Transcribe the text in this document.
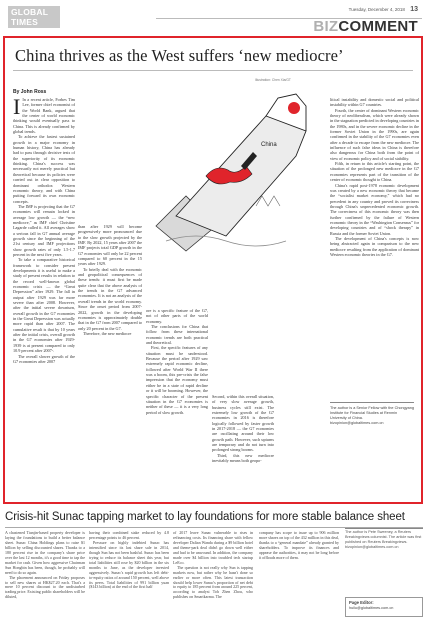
GLOBAL TIMES
Tuesday, December 4, 2018 13
BIZCOMMENT
China thrives as the West suffers ‘new mediocre’
By John Ross

I In a recent article, Forbes Tim Lee, former chief economist of the World Bank, argued that the center of world economic thinking would eventually pass to China. This is already confirmed by global trends.

To achieve the fastest sustained growth in a major economy in human history, China has already had to pass through decisive tests of the superiority of its economic thinking. China's success was necessarily not merely practical but theoretical because its policies were carried out in clear opposition to dominant orthodox Western economic theory, and with China putting forward its own economic concepts.

The IMF is projecting that the G7 economies will remain locked in average low growth — the “new mediocre,” as IMF chief Christine Lagarde called it. All averages show a serious fall in G7 annual average growth since the beginning of the 21st century and IMF projections show growth rates of only 1.5-1.7 percent in the next five years.

To take a comparative historical framework to consider present developments it is useful to make a study of present results in relation to the record well-known global economic crisis — the “Great Depression” after 1929. The fall in output after 1929 was far more severe than after 2008. However, after the initial severe downturn, overall growth in the G7 economies in the Great Depression was actually more rapid than after 2007. The cumulative result is that by 10 years after the initial crisis, overall growth in the G7 economies after 1929-1939 is at present compared to only 10.9 percent after 2007-.

The overall slower growth of the G7 economies after 2007

China
Illustration: Chen Xia/GT

than after 1929 will become progressively more pronounced due to the slow growth projected by the IMF. By 2022, 15 years after 2007 the IMF projects total GDP growth in the G7 economies will only be 22 percent compared to 60 percent in the 15 years after 1929.

To briefly deal with the economic and geopolitical consequences of these trends: it must first be made quite clear that the above analysis of the trends in the G7 advanced economies. It is not an analysis of the overall trends in the world economy. Since the onset period from 2007-2022, growth in the developing economies is approximately double that in the G7 from 2007 compared to only 20 percent in the G7.

Therefore, the new mediocre

ore is a specific feature of the G7, not of other parts of the world economy.

The conclusions for China that follow from these international economic trends are both practical and theoretical.

First, the specific features of any situation must be understood. Because the period after 1929 saw extremely rapid economic decline, followed after World War II there was a boom, this pre-crisis the false impression that the economy must either be in a state of rapid decline or it will be booming. However, the specific character of the present situation in the G7 economies is neither of these — it is a very long period of slow growth.

Second, within this overall situation, of very slow average growth, business cycles still exist. The extremely low growth of the G7 economies in 2016 is therefore logically followed by faster growth in 2017-2018 — the G7 economies are oscillating around their low growth path. However, such upturns are temporary and do not turn into prolonged strong booms.

Third, this new mediocre inevitably means both geopo-

litical instability and domestic social and political instability within G7 countries.

Fourth, the center of dominant Western economic theory of neoliberalism, which were already shown in the stagnation predicted in developing countries in the 1980s, and in the severe economic decline in the former Soviet Union in the 1990s, are again confirmed in the stability of the G7 economies even after a decade to escape from the new mediocre. The influence of such false ideas in China is therefore also dangerous for China both from the point of view of economic policy and of social stability.

Fifth, in return to this article's starting point, the situation of the prolonged new mediocre in the G7 economies represents part of the transition of the center of economic thought to China.

China's rapid post-1978 economic development was created by a new economic theory that became the “socialist market economy,” which had no precedent in any country and proved its correctness through China's unprecedented economic growth. The correctness of this economic theory was then further confirmed by the failure of Western economic theory in the “Washington Consensus” for developing countries and of “shock therapy” in Russia and the former Soviet Union.

The development of China's concepts is now being abstracted again in comparison to the new mediocre resulting from the application of dominant Western economic theories in the G7.

The author is a Senior Fellow with the Chongyang Institute for Financial Studies at Renmin University of China. bizopinion@globaltimes.com.cn
Crisis-hit Sunac tapping market to lay foundations for more stable balance sheet

A chastened Tianjin-based property developer is laying the foundations to build a better balance sheet. Sunac China Holdings plans to raise $1 billion by selling discounted shares. Thanks to a 180 percent rise in the company's share price over the last 12 months, it's a good time to tap the market for cash. Given how aggressive Chairman Sun Hongbin has been, though, he probably will need to do so again.

The placement announced on Friday proposes to sell new shares at HK$27.20 each. That's a mere 10 percent discount to the undisturbed trading price. Existing public shareholders will be diluted,

having their combined stake reduced by 4.8 percentage points to 46 percent.

Pressure on highly indebted Sunac has intensified since its last share sale in 2014, though Sun has not been bashful. Sunac has been trying to reduce its balance sheet this year, but total liabilities still rose by $20 billion in the six months to June, as the developer invested aggressively. Sunac's rapid growth has left debt-to-equity ratios of around 150 percent, well above its peers. Total liabilities of 991 billion yuan ($143 billion) at the end of the first half

of 2017 leave Sunac vulnerable to rises in refinancing costs. Its financing share with fellow developer Dalian Wanda during a $9 billion hotel and theme-park deal didn't go down well either and had to be unwound. In addition, the company made over $4 billion into troubled tech startup LeEco.

The question is not really why Sun is tapping markets now, but rather why he hasn't done so earlier or more often. This latest transaction should help lower Sunac's proportion of net debt to equity to 185 percent from around 225 percent, according to analyst Toh Zhen Zhou, who publishes on Smartkarma. The

company has scope to issue up to 906 million more shares on top of the 432 million in this deal, thanks to a “general mandate” already granted by shareholders. To improve its finances and appease the authorities, it may not be long before it offloads more of them.

The author is Pete Sweeney, a Reuters Breakingviews columnist. The article was first published on Reuters Breakingviews. bizopinion@globaltimes.com.cn
Page Editor:
huilu@globaltimes.com.cn
